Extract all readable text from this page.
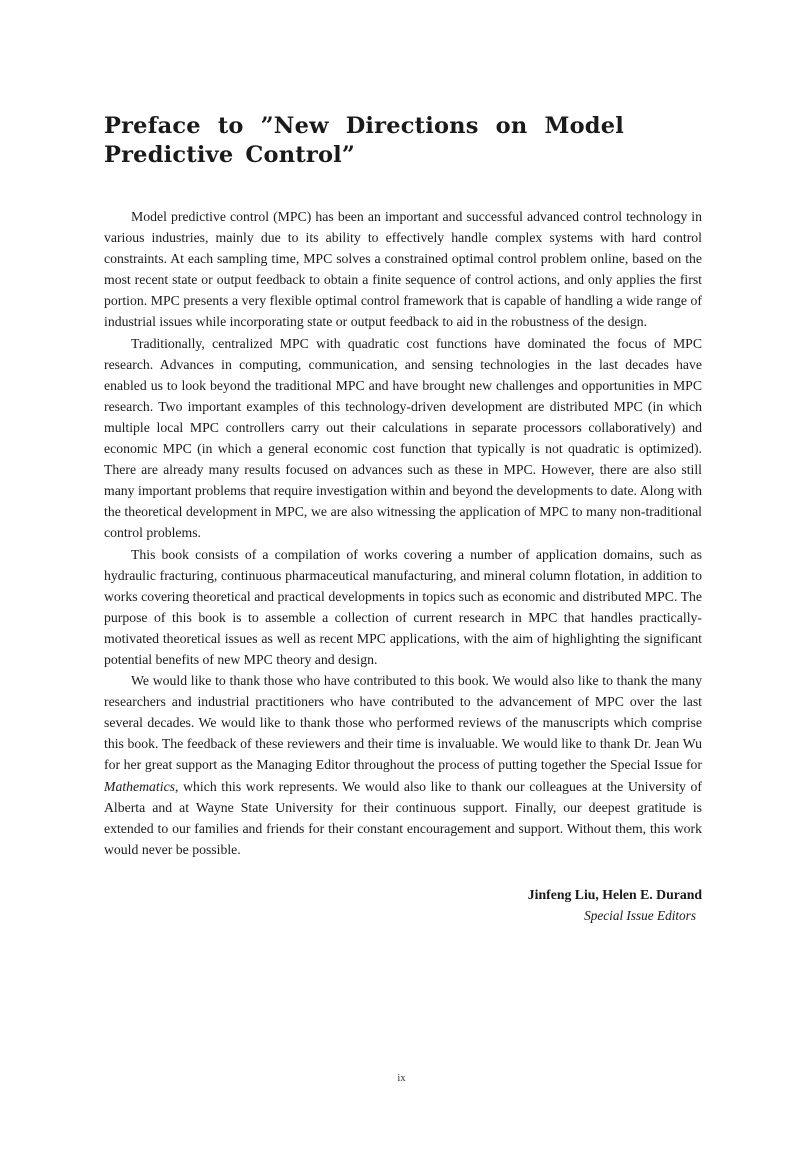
Preface to ”New Directions on Model Predictive Control”

Model predictive control (MPC) has been an important and successful advanced control technology in various industries, mainly due to its ability to effectively handle complex systems with hard control constraints. At each sampling time, MPC solves a constrained optimal control problem online, based on the most recent state or output feedback to obtain a finite sequence of control actions, and only applies the first portion. MPC presents a very flexible optimal control framework that is capable of handling a wide range of industrial issues while incorporating state or output feedback to aid in the robustness of the design.

Traditionally, centralized MPC with quadratic cost functions have dominated the focus of MPC research. Advances in computing, communication, and sensing technologies in the last decades have enabled us to look beyond the traditional MPC and have brought new challenges and opportunities in MPC research. Two important examples of this technology-driven development are distributed MPC (in which multiple local MPC controllers carry out their calculations in separate processors collaboratively) and economic MPC (in which a general economic cost function that typically is not quadratic is optimized). There are already many results focused on advances such as these in MPC. However, there are also still many important problems that require investigation within and beyond the developments to date. Along with the theoretical development in MPC, we are also witnessing the application of MPC to many non-traditional control problems.

This book consists of a compilation of works covering a number of application domains, such as hydraulic fracturing, continuous pharmaceutical manufacturing, and mineral column flotation, in addition to works covering theoretical and practical developments in topics such as economic and distributed MPC. The purpose of this book is to assemble a collection of current research in MPC that handles practically-motivated theoretical issues as well as recent MPC applications, with the aim of highlighting the significant potential benefits of new MPC theory and design.

We would like to thank those who have contributed to this book. We would also like to thank the many researchers and industrial practitioners who have contributed to the advancement of MPC over the last several decades. We would like to thank those who performed reviews of the manuscripts which comprise this book. The feedback of these reviewers and their time is invaluable. We would like to thank Dr. Jean Wu for her great support as the Managing Editor throughout the process of putting together the Special Issue for Mathematics, which this work represents. We would also like to thank our colleagues at the University of Alberta and at Wayne State University for their continuous support. Finally, our deepest gratitude is extended to our families and friends for their constant encouragement and support. Without them, this work would never be possible.

Jinfeng Liu, Helen E. Durand
Special Issue Editors
ix
